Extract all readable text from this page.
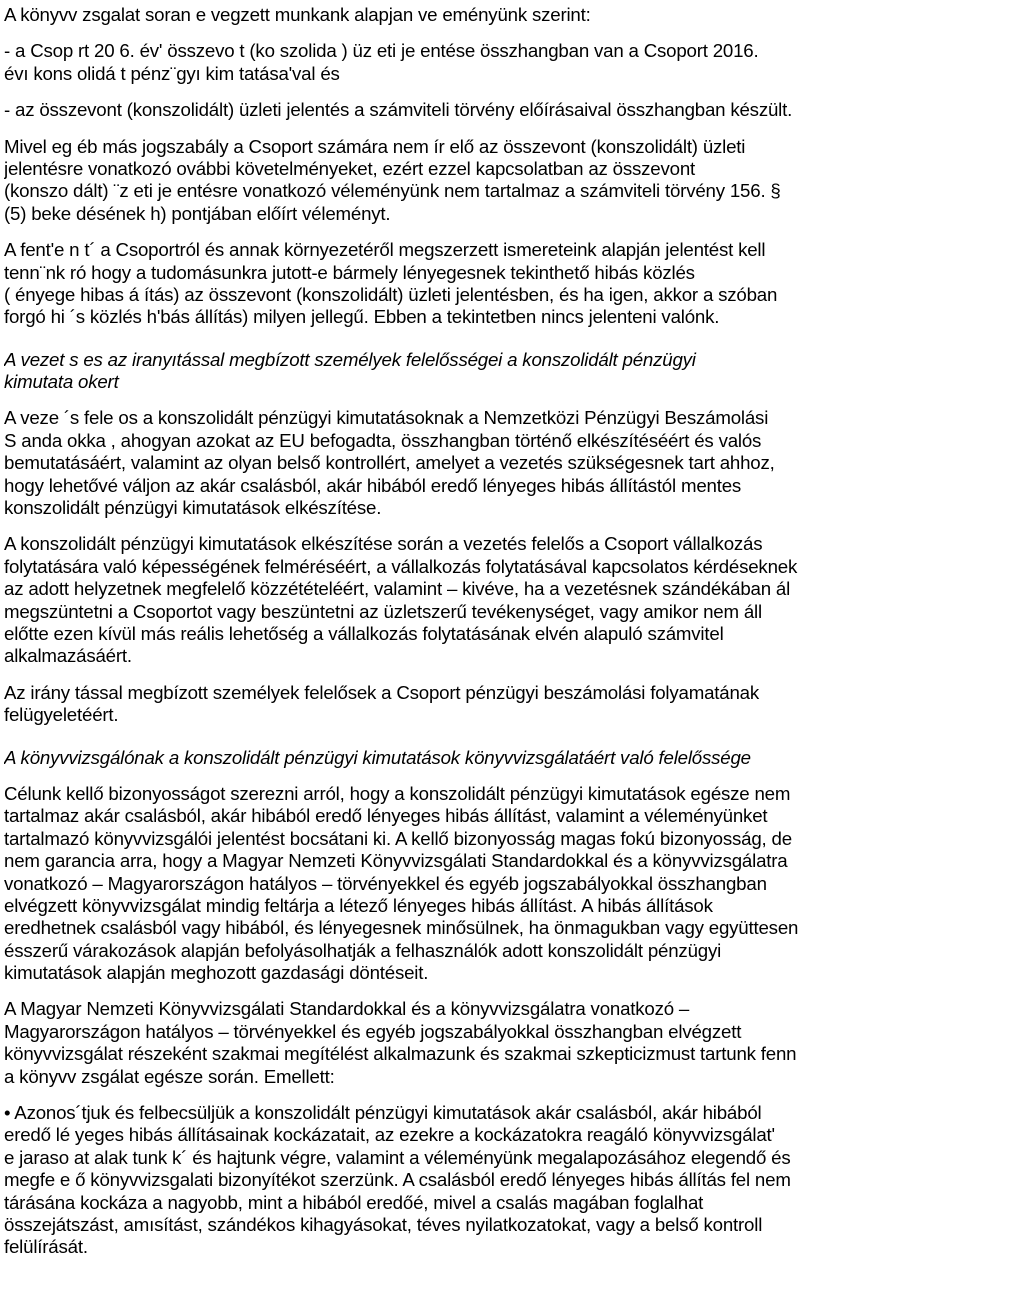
A könyvv zsgalat soran e vegzett munkank alapjan ve eményünk szerint:
- a Csop rt 20 6. év' összevo t (ko szolida ) üz eti je entése összhangban van a Csoport 2016.
évı kons olidá t pénz¨gyı kim tatása'val és
- az összevont (konszolidált) üzleti jelentés a számviteli törvény előírásaival összhangban készült.
Mivel eg éb más jogszabály a Csoport számára nem ír elő az összevont (konszolidált) üzleti
jelentésre vonatkozó ovábbi követelményeket, ezért ezzel kapcsolatban az összevont
(konszo dált) ¨z eti je entésre vonatkozó véleményünk nem tartalmaz a számviteli törvény 156. §
(5) beke désének h) pontjában előírt véleményt.
A fent'e n t´ a Csoportról és annak környezetéről megszerzett ismereteink alapján jelentést kell
tenn¨nk ró hogy a tudomásunkra jutott-e bármely lényegesnek tekinthető hibás közlés
( ényege hibas á ítás) az összevont (konszolidált) üzleti jelentésben, és ha igen, akkor a szóban
forgó hi ´s közlés h'bás állítás) milyen jellegű. Ebben a tekintetben nincs jelenteni valónk.
A vezet s es az iranyıtással megbízott személyek felelősségei a konszolidált pénzügyi
kimutata okert
A veze ´s fele os a konszolidált pénzügyi kimutatásoknak a Nemzetközi Pénzügyi Beszámolási
S anda okka , ahogyan azokat az EU befogadta, összhangban történő elkészítéséért és valós
bemutatásáért, valamint az olyan belső kontrollért, amelyet a vezetés szükségesnek tart ahhoz,
hogy lehetővé váljon az akár csalásból, akár hibából eredő lényeges hibás állítástól mentes
konszolidált pénzügyi kimutatások elkészítése.
A konszolidált pénzügyi kimutatások elkészítése során a vezetés felelős a Csoport vállalkozás
folytatására való képességének felméréséért, a vállalkozás folytatásával kapcsolatos kérdéseknek
az adott helyzetnek megfelelő közzétételéért, valamint – kivéve, ha a vezetésnek szándékában ál
megszüntetni a Csoportot vagy beszüntetni az üzletszerű tevékenységet, vagy amikor nem áll
előtte ezen kívül más reális lehetőség a vállalkozás folytatásának elvén alapuló számvitel
alkalmazásáért.
Az irány tással megbízott személyek felelősek a Csoport pénzügyi beszámolási folyamatának
felügyeletéért.
A könyvvizsgálónak a konszolidált pénzügyi kimutatások könyvvizsgálatáért való felelőssége
Célunk kellő bizonyosságot szerezni arról, hogy a konszolidált pénzügyi kimutatások egésze nem
tartalmaz akár csalásból, akár hibából eredő lényeges hibás állítást, valamint a véleményünket
tartalmazó könyvvizsgálói jelentést bocsátani ki. A kellő bizonyosság magas fokú bizonyosság, de
nem garancia arra, hogy a Magyar Nemzeti Könyvvizsgálati Standardokkal és a könyvvizsgálatra
vonatkozó – Magyarországon hatályos – törvényekkel és egyéb jogszabályokkal összhangban
elvégzett könyvvizsgálat mindig feltárja a létező lényeges hibás állítást. A hibás állítások
eredhetnek csalásból vagy hibából, és lényegesnek minősülnek, ha önmagukban vagy együttesen
ésszerű várakozások alapján befolyásolhatják a felhasználók adott konszolidált pénzügyi
kimutatások alapján meghozott gazdasági döntéseit.
A Magyar Nemzeti Könyvvizsgálati Standardokkal és a könyvvizsgálatra vonatkozó –
Magyarországon hatályos – törvényekkel és egyéb jogszabályokkal összhangban elvégzett
könyvvizsgálat részeként szakmai megítélést alkalmazunk és szakmai szkepticizmust tartunk fenn
a könyvv zsgálat egésze során. Emellett:
• Azonos´tjuk és felbecsüljük a konszolidált pénzügyi kimutatások akár csalásból, akár hibából
eredő lé yeges hibás állításainak kockázatait, az ezekre a kockázatokra reagáló könyvvizsgálat'
e jaraso at alak tunk k´ és hajtunk végre, valamint a véleményünk megalapozásához elegendő és
megfe e ő könyvvizsgalati bizonyítékot szerzünk. A csalásból eredő lényeges hibás állítás fel nem
tárásána kockáza a nagyobb, mint a hibából eredőé, mivel a csalás magában foglalhat
összejátszást, amısítást, szándékos kihagyásokat, téves nyilatkozatokat, vagy a belső kontroll
felülírását.
